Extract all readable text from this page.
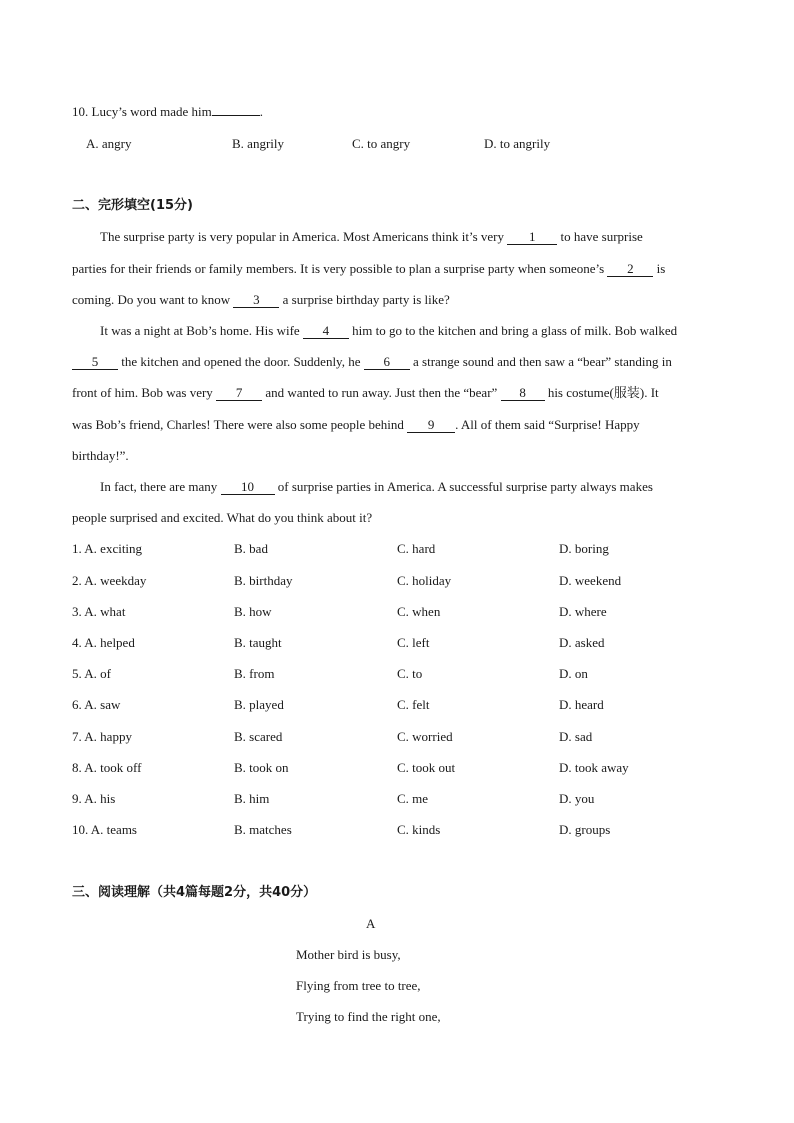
10. Lucy’s word made him	.
A. angry	B. angrily	C. to angry	D. to angrily
二、完形填空(15分)
The surprise party is very popular in America. Most Americans think it’s very 1 to have surprise
parties for their friends or family members. It is very possible to plan a surprise party when someone’s 2 is
coming. Do you want to know 3 a surprise birthday party is like?
It was a night at Bob’s home. His wife 4 him to go to the kitchen and bring a glass of milk. Bob walked
5 the kitchen and opened the door. Suddenly, he 6 a strange sound and then saw a “bear” standing in
front of him. Bob was very 7 and wanted to run away. Just then the “bear” 8 his costume(服装). It
was Bob’s friend, Charles! There were also some people behind 9 . All of them said “Surprise! Happy
birthday!”.
In fact, there are many 10 of surprise parties in America. A successful surprise party always makes
people surprised and excited. What do you think about it?
1. A. exciting	B. bad	C. hard	D. boring
2. A. weekday	B. birthday	C. holiday	D. weekend
3. A. what	B. how	C. when	D. where
4. A. helped	B. taught	C. left	D. asked
5. A. of	B. from	C. to	D. on
6. A. saw	B. played	C. felt	D. heard
7. A. happy	B. scared	C. worried	D. sad
8. A. took off	B. took on	C. took out	D. took away
9. A. his	B. him	C. me	D. you
10. A. teams	B. matches	C. kinds	D. groups
三、阅读理解（共4篇每题2分，共40分）
A
Mother bird is busy,
Flying from tree to tree,
Trying to find the right one,
